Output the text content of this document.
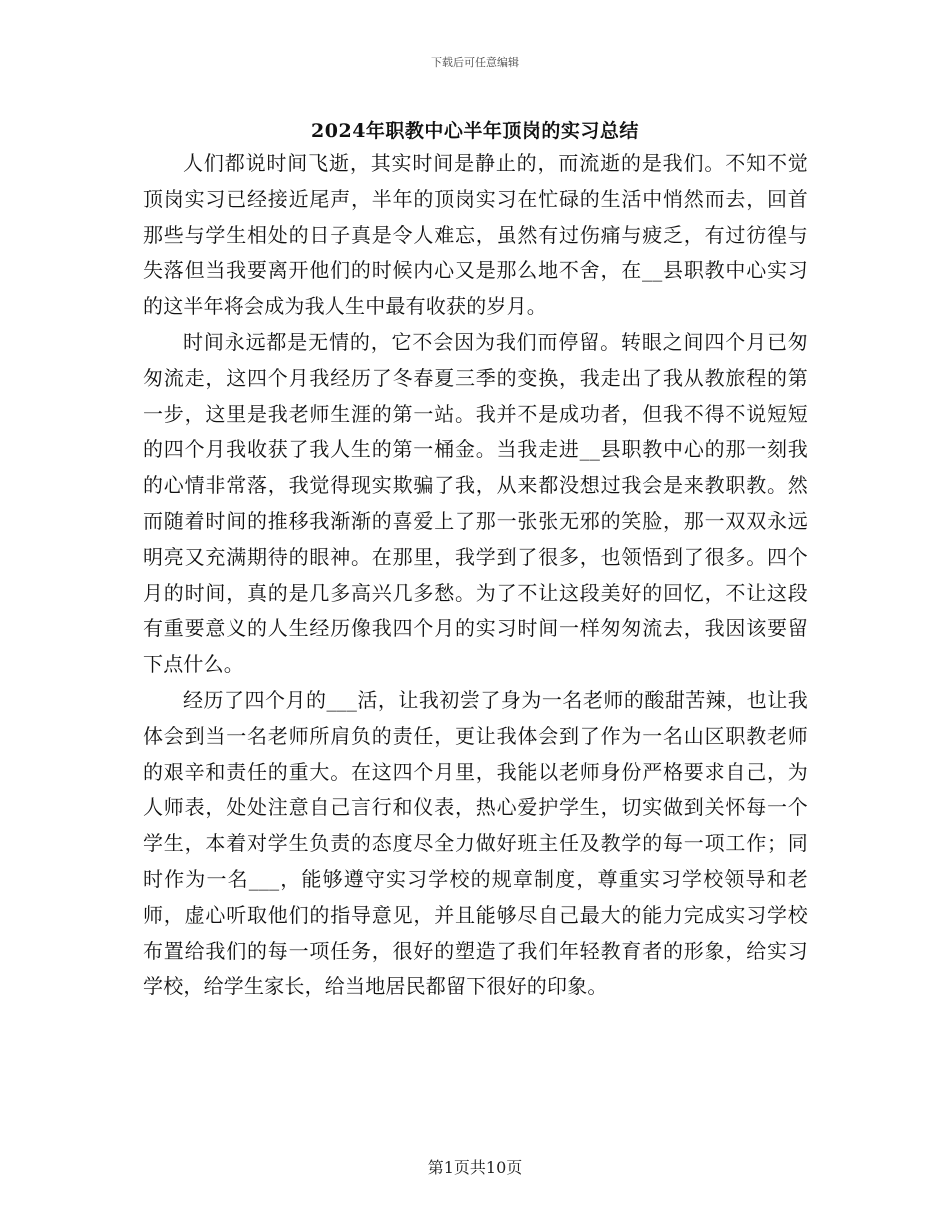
下载后可任意编辑
2024年职教中心半年顶岗的实习总结

人们都说时间飞逝，其实时间是静止的，而流逝的是我们。不知不觉顶岗实习已经接近尾声，半年的顶岗实习在忙碌的生活中悄然而去，回首那些与学生相处的日子真是令人难忘，虽然有过伤痛与疲乏，有过彷徨与失落但当我要离开他们的时候内心又是那么地不舍，在__县职教中心实习的这半年将会成为我人生中最有收获的岁月。

时间永远都是无情的，它不会因为我们而停留。转眼之间四个月已匆匆流走，这四个月我经历了冬春夏三季的变换，我走出了我从教旅程的第一步，这里是我老师生涯的第一站。我并不是成功者，但我不得不说短短的四个月我收获了我人生的第一桶金。当我走进__县职教中心的那一刻我的心情非常落，我觉得现实欺骗了我，从来都没想过我会是来教职教。然而随着时间的推移我渐渐的喜爱上了那一张张无邪的笑脸，那一双双永远明亮又充满期待的眼神。在那里，我学到了很多，也领悟到了很多。四个月的时间，真的是几多高兴几多愁。为了不让这段美好的回忆，不让这段有重要意义的人生经历像我四个月的实习时间一样匆匆流去，我因该要留下点什么。

经历了四个月的___活，让我初尝了身为一名老师的酸甜苦辣，也让我体会到当一名老师所肩负的责任，更让我体会到了作为一名山区职教老师的艰辛和责任的重大。在这四个月里，我能以老师身份严格要求自己，为人师表，处处注意自己言行和仪表，热心爱护学生，切实做到关怀每一个学生，本着对学生负责的态度尽全力做好班主任及教学的每一项工作；同时作为一名___，能够遵守实习学校的规章制度，尊重实习学校领导和老师，虚心听取他们的指导意见，并且能够尽自己最大的能力完成实习学校布置给我们的每一项任务，很好的塑造了我们年轻教育者的形象，给实习学校，给学生家长，给当地居民都留下很好的印象。

第1页共10页
